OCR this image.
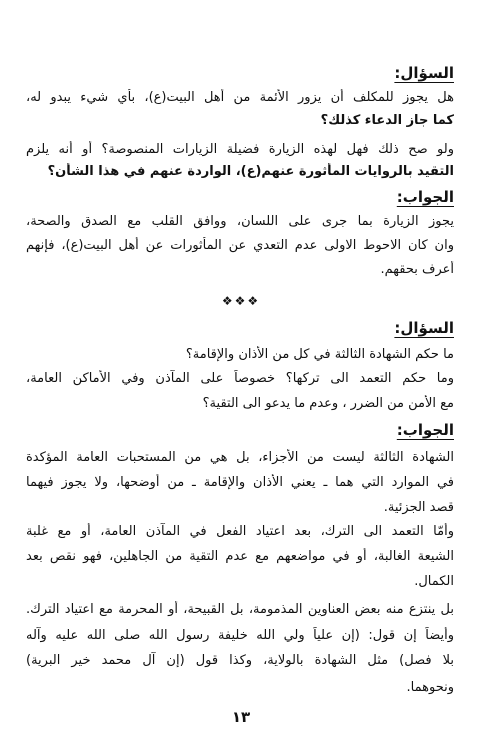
السؤال:
هل يجوز للمكلف أن يزور الأئمة من أهل البيت(ع)، بأي شيء يبدو له،
كما جاز الدعاء كذلك؟
ولو صح ذلك فهل لهذه الزيارة فضيلة الزيارات المنصوصة؟ أو أنه يلزم
التقيد بالروايات المأثورة عنهم(ع)، الواردة عنهم في هذا الشأن؟
الجواب:
يجوز الزيارة بما جرى على اللسان، ووافق القلب مع الصدق والصحة،
وان كان الاحوط الاولى عدم التعدي عن المأثورات عن أهل البيت(ع)، فإنهم
أعرف بحقهم.
❖❖❖
السؤال:
ما حكم الشهادة الثالثة في كل من الأذان والإقامة؟
وما حكم التعمد الى تركها؟ خصوصاً على المآذن وفي الأماكن العامة،
مع الأمن من الضرر ، وعدم ما يدعو الى التقية؟
الجواب:
الشهادة الثالثة ليست من الأجزاء، بل هي من المستحبات العامة المؤكدة
في الموارد التي هما ـ يعني الأذان والإقامة ـ من أوضحها، ولا يجوز فيهما
قصد الجزئية.
وأمّا التعمد الى الترك، بعد اعتياد الفعل في المآذن العامة، أو مع غلبة
الشيعة الغالبة، أو في مواضعهم مع عدم التقية من الجاهلين، فهو نقص بعد
الكمال.
بل ينتزع منه بعض العناوين المذمومة، بل القبيحة، أو المحرمة مع اعتياد الترك.
وأيضاً إن قول: (إن علياً ولي الله خليفة رسول الله صلى الله عليه وآله
بلا فصل) مثل الشهادة بالولاية، وكذا قول (إن آل محمد خير البرية)
ونحوهما.
١٣
